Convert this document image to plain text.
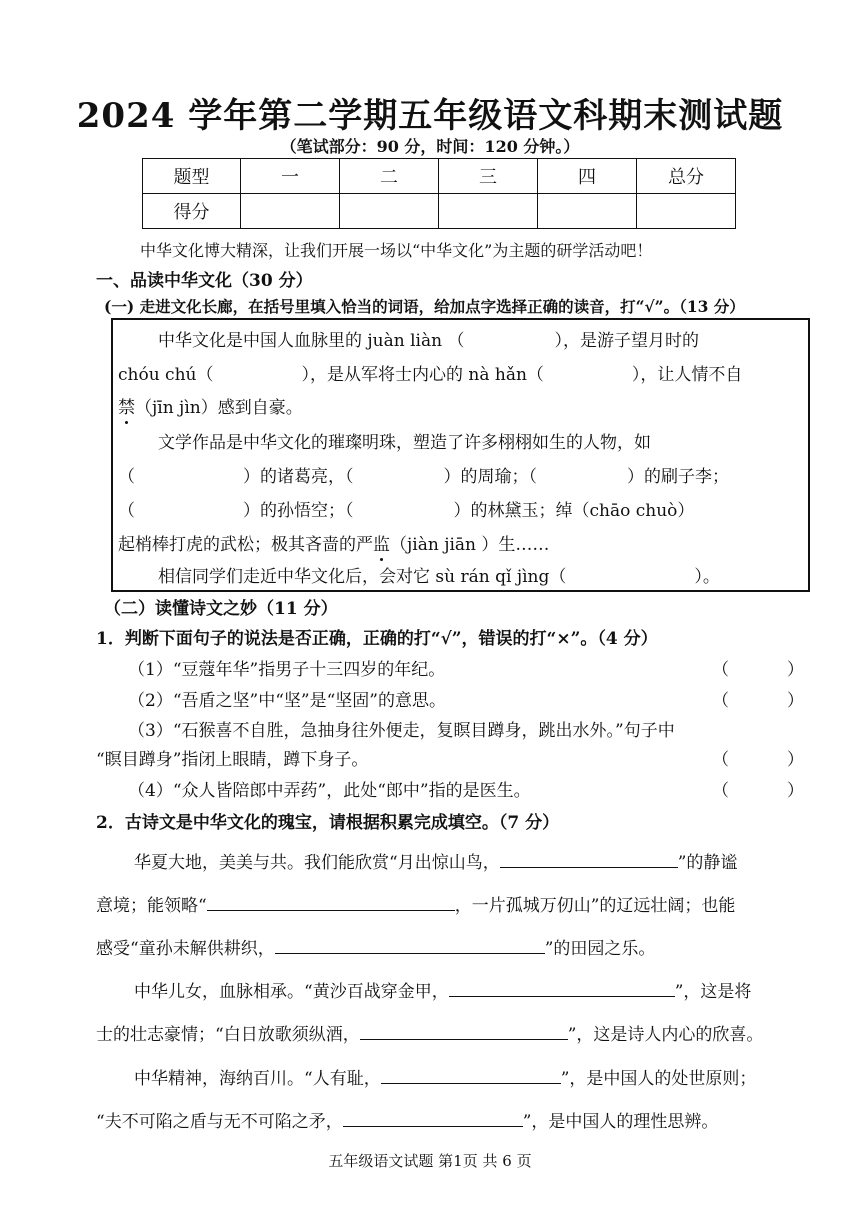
2024 学年第二学期五年级语文科期末测试题
（笔试部分：90 分，时间：120 分钟。）
题型	一	二	三	四	总分
得分					
中华文化博大精深，让我们开展一场以“中华文化”为主题的研学活动吧！
一、品读中华文化（30 分）
(一) 走进文化长廊，在括号里填入恰当的词语，给加点字选择正确的读音，打“√”。（13 分）
中华文化是中国人血脉里的 juàn liàn （	），是游子望月时的
chóu chú（	），是从军将士内心的 nà hǎn（	），让人情不自
禁（jīn jìn）感到自豪。
文学作品是中华文化的璀璨明珠，塑造了许多栩栩如生的人物，如
（	）的诸葛亮，（	）的周瑜；（	）的刷子李；
（	）的孙悟空；（	）的林黛玉；绰（chāo chuò）
起梢棒打虎的武松；极其吝啬的严监（jiàn jiān ）生……
相信同学们走近中华文化后，会对它 sù rán qǐ jìng（	）。
（二）读懂诗文之妙（11 分）
1．判断下面句子的说法是否正确，正确的打“√”，错误的打“×”。（4 分）
（1）“豆蔻年华”指男子十三四岁的年纪。	（	）
（2）“吾盾之坚”中“坚”是“坚固”的意思。	（	）
（3）“石猴喜不自胜，急抽身往外便走，复瞑目蹲身，跳出水外。”句子中
“瞑目蹲身”指闭上眼睛，蹲下身子。	（	）
（4）“众人皆陪郎中弄药”，此处“郎中”指的是医生。	（	）
2．古诗文是中华文化的瑰宝，请根据积累完成填空。（7 分）
华夏大地，美美与共。我们能欣赏“月出惊山鸟，	”的静谧
意境；能领略“	，一片孤城万仞山”的辽远壮阔；也能
感受“童孙未解供耕织，	”的田园之乐。
中华儿女，血脉相承。“黄沙百战穿金甲，	”，这是将
士的壮志豪情；“白日放歌须纵酒，	”，这是诗人内心的欣喜。
中华精神，海纳百川。“人有耻，	”，是中国人的处世原则；
“夫不可陷之盾与无不可陷之矛，	”，是中国人的理性思辨。
五年级语文试题 第1页 共 6 页
